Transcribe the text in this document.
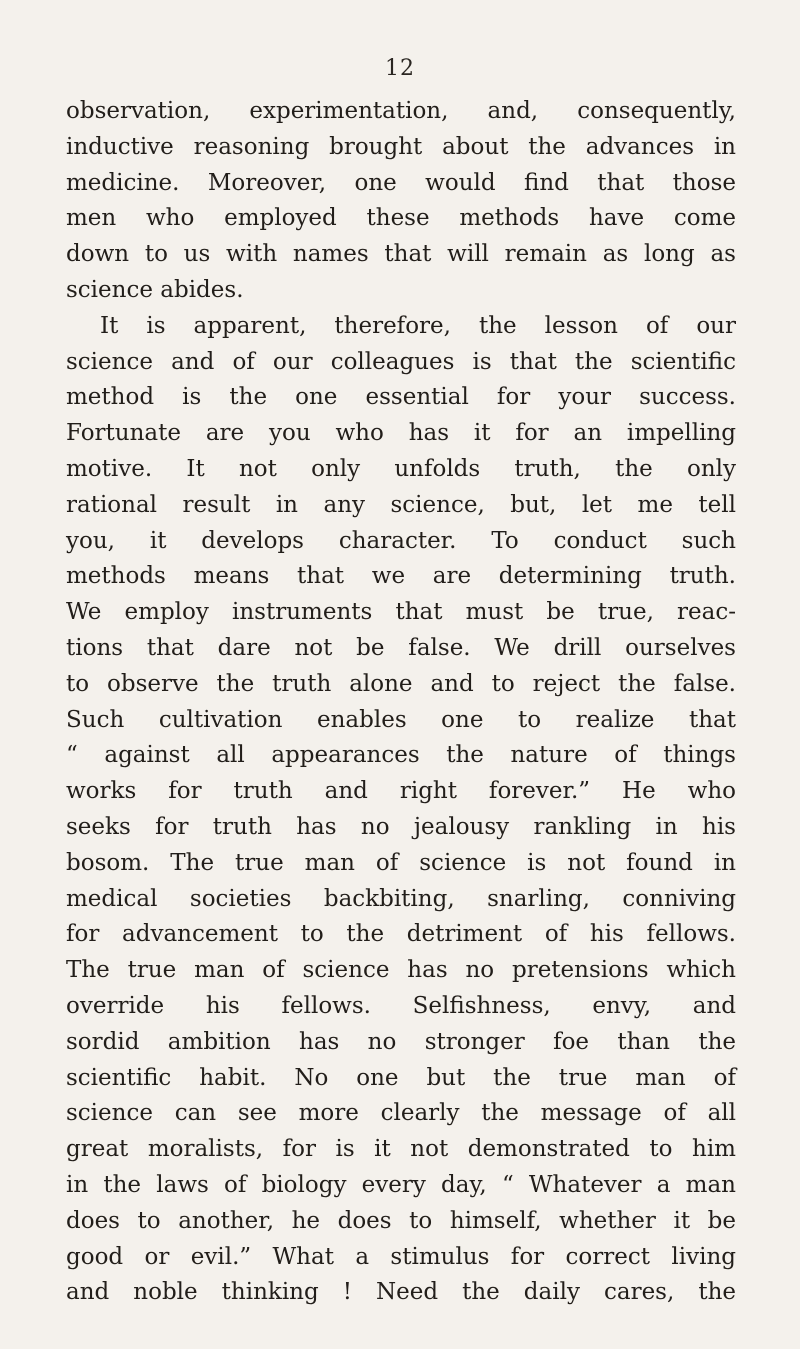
12
observation, experimentation, and, consequently,
inductive reasoning brought about the advances in
medicine. Moreover, one would find that those
men who employed these methods have come
down to us with names that will remain as long as
science abides.
It is apparent, therefore, the lesson of our
science and of our colleagues is that the scientific
method is the one essential for your success.
Fortunate are you who has it for an impelling
motive. It not only unfolds truth, the only
rational result in any science, but, let me tell
you, it develops character. To conduct such
methods means that we are determining truth.
We employ instruments that must be true, reac-
tions that dare not be false. We drill ourselves
to observe the truth alone and to reject the false.
Such cultivation enables one to realize that
“ against all appearances the nature of things
works for truth and right forever.” He who
seeks for truth has no jealousy rankling in his
bosom. The true man of science is not found in
medical societies backbiting, snarling, conniving
for advancement to the detriment of his fellows.
The true man of science has no pretensions which
override his fellows. Selfishness, envy, and
sordid ambition has no stronger foe than the
scientific habit. No one but the true man of
science can see more clearly the message of all
great moralists, for is it not demonstrated to him
in the laws of biology every day, “ Whatever a man
does to another, he does to himself, whether it be
good or evil.” What a stimulus for correct living
and noble thinking ! Need the daily cares, the
